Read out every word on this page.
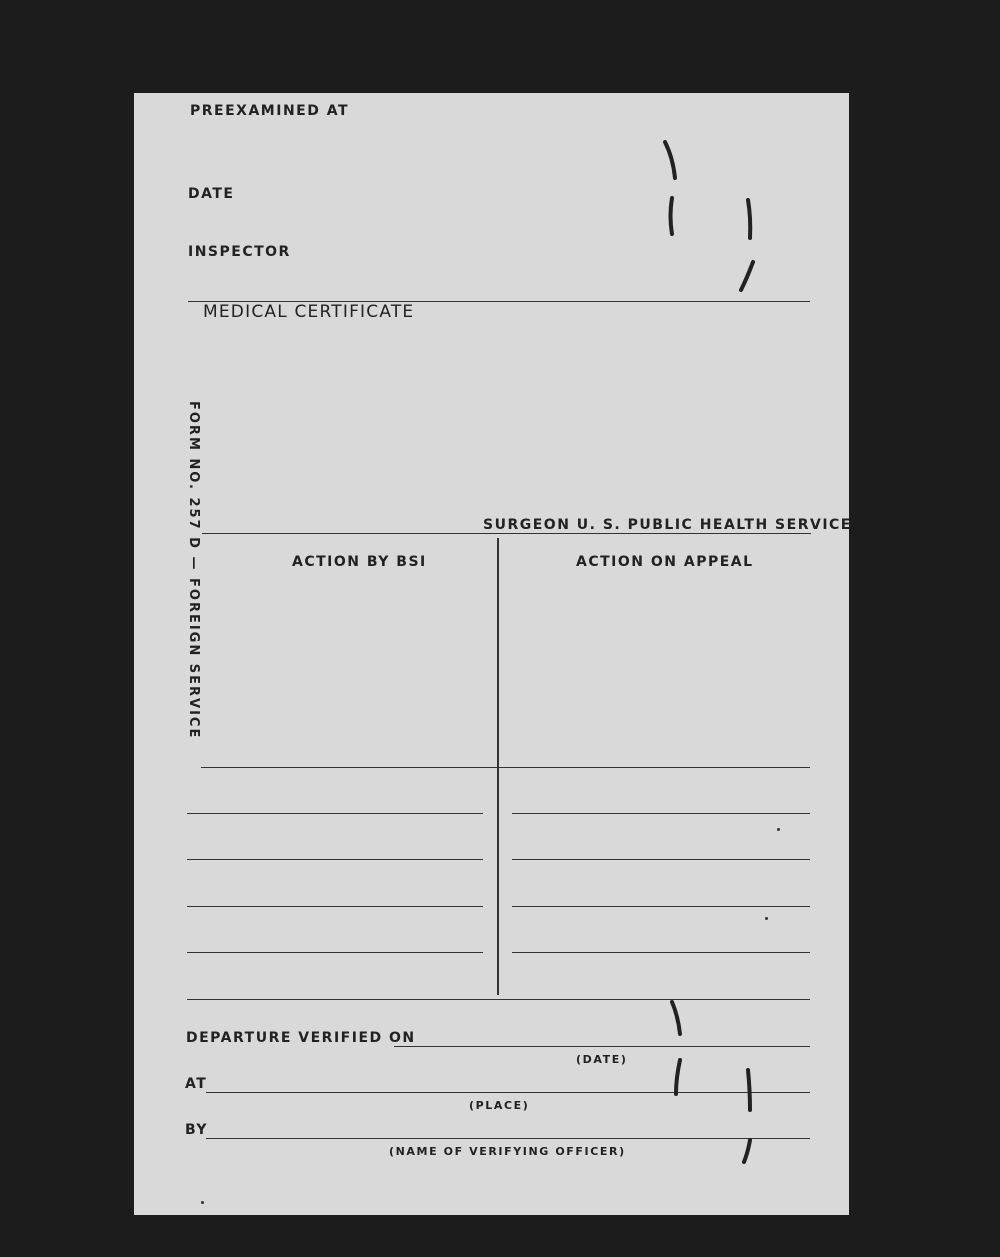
PREEXAMINED AT

DATE

INSPECTOR

MEDICAL CERTIFICATE

FORM NO. 257 D — FOREIGN SERVICE	SURGEON U. S. PUBLIC HEALTH SERVICE

ACTION BY BSI	ACTION ON APPEAL

DEPARTURE VERIFIED ON

(DATE)

AT

(PLACE)

BY

(NAME OF VERIFYING OFFICER)
